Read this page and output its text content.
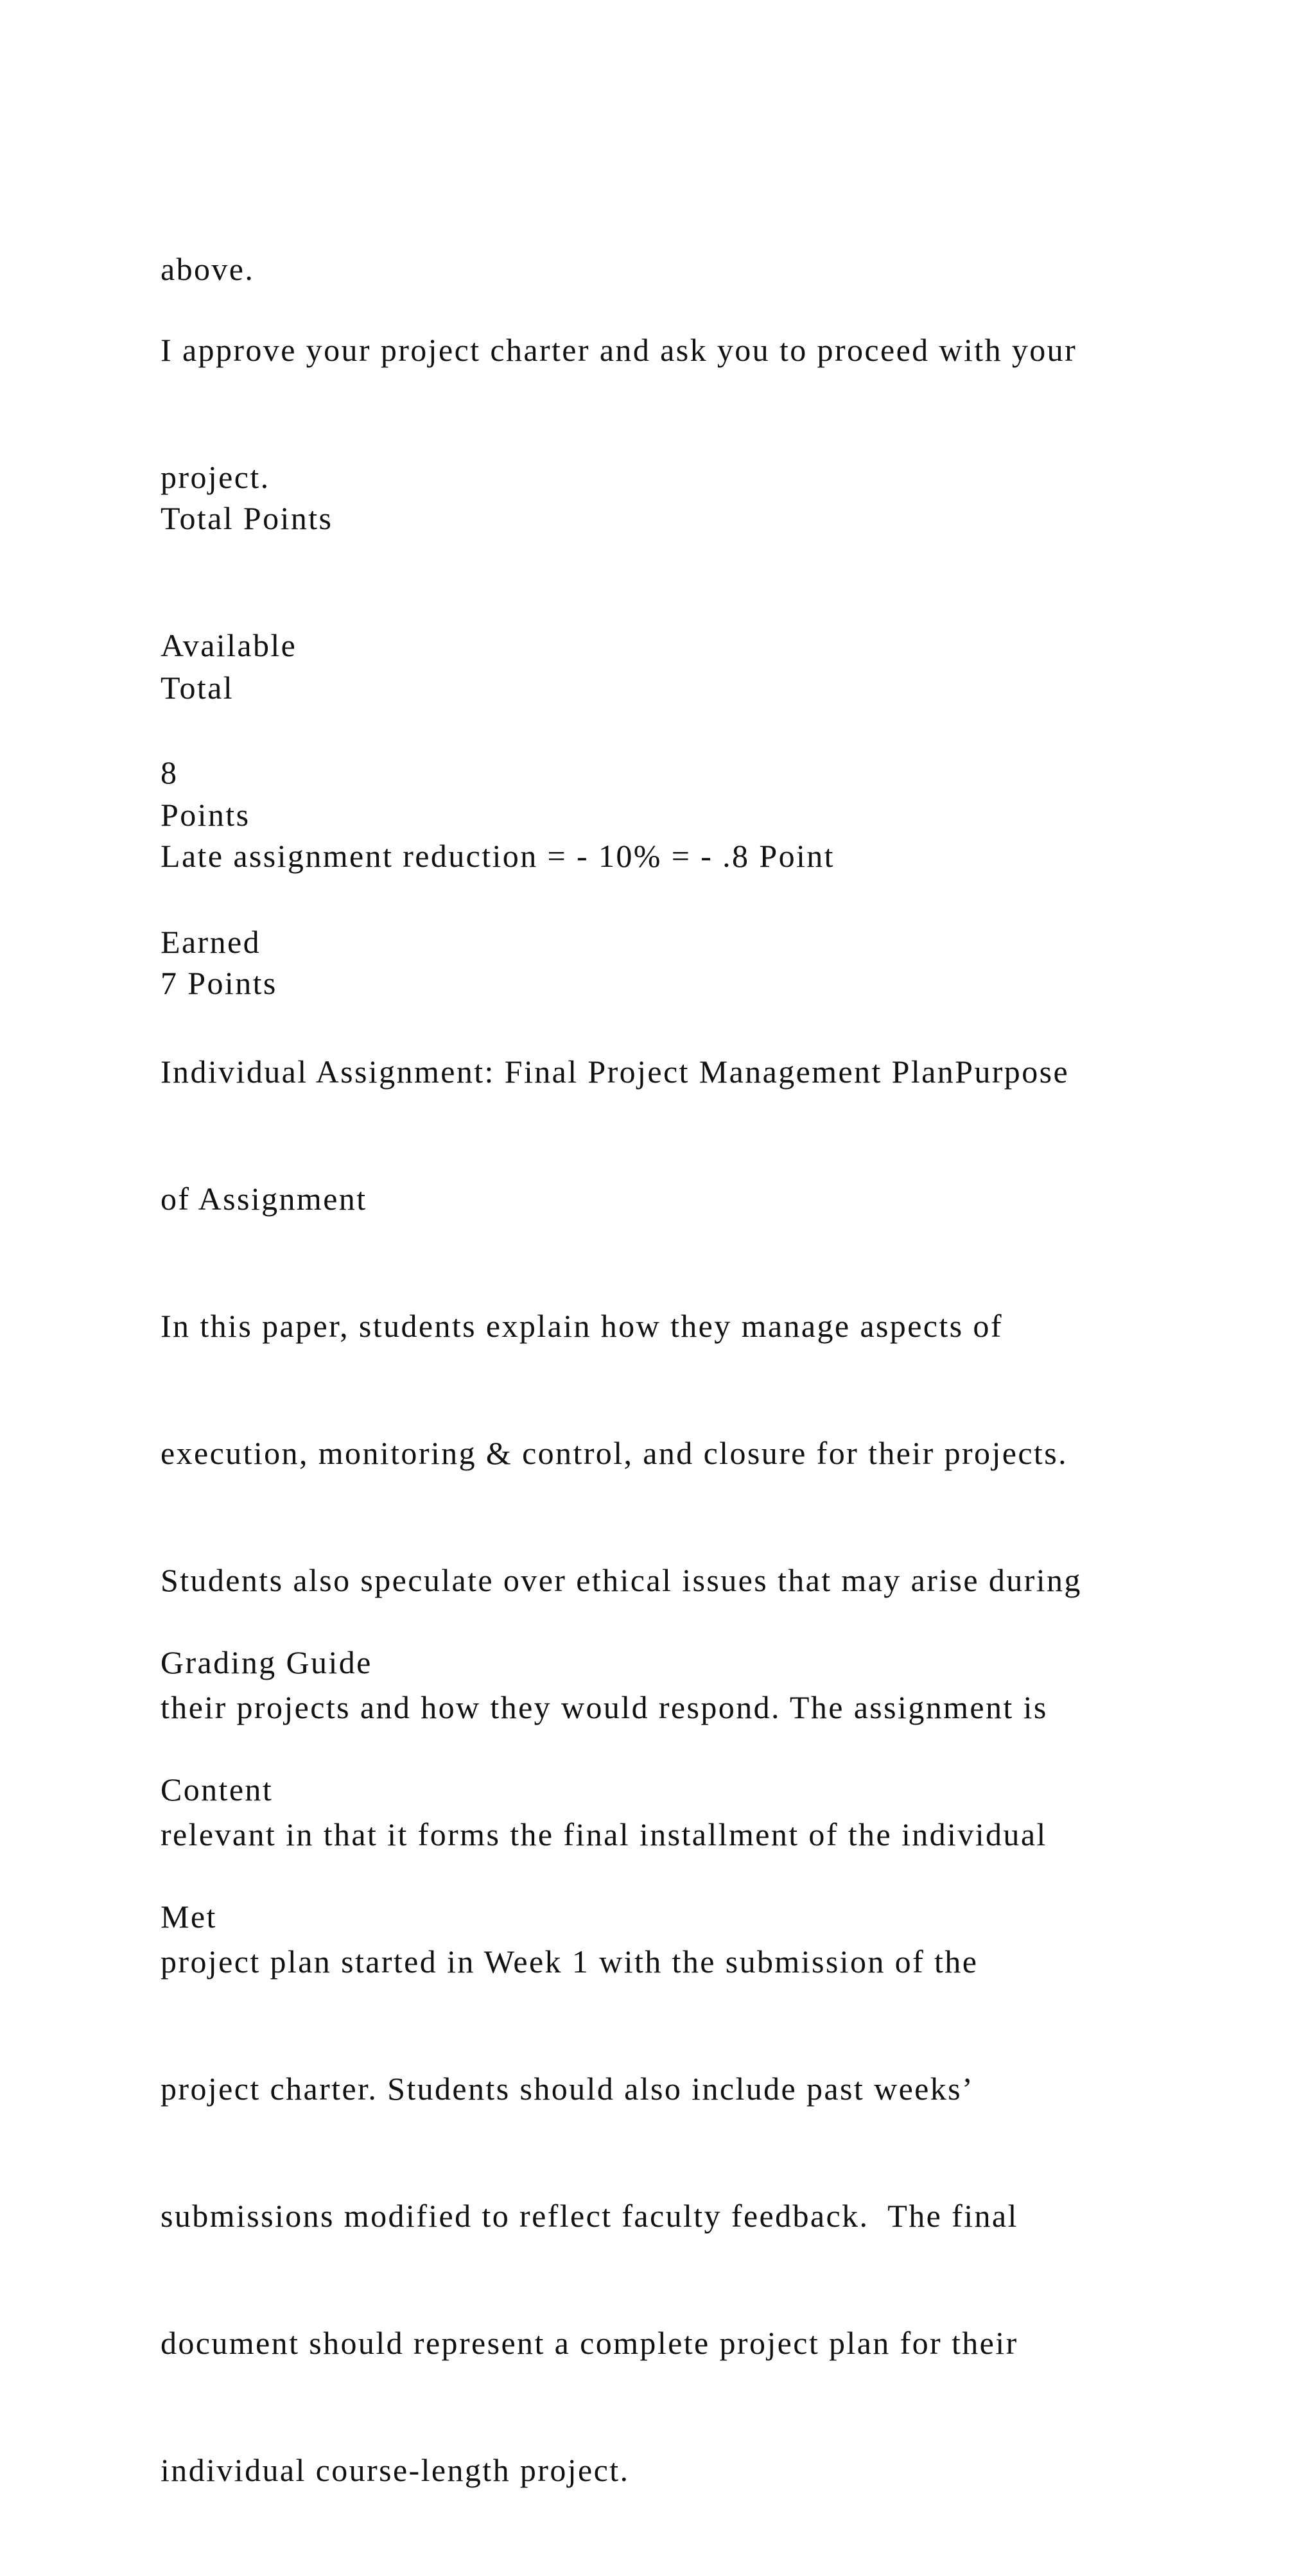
above.

I approve your project charter and ask you to proceed with your

project.

Total Points

Available

8

Total

Points

Earned

Late assignment reduction = - 10% = - .8 Point

7 Points

Individual Assignment: Final Project Management PlanPurpose

of Assignment

In this paper, students explain how they manage aspects of

execution, monitoring & control, and closure for their projects.

Students also speculate over ethical issues that may arise during

their projects and how they would respond. The assignment is

relevant in that it forms the final installment of the individual

project plan started in Week 1 with the submission of the

project charter. Students should also include past weeks’

submissions modified to reflect faculty feedback.  The final

document should represent a complete project plan for their

individual course-length project.

Grading Guide

Content

Met
